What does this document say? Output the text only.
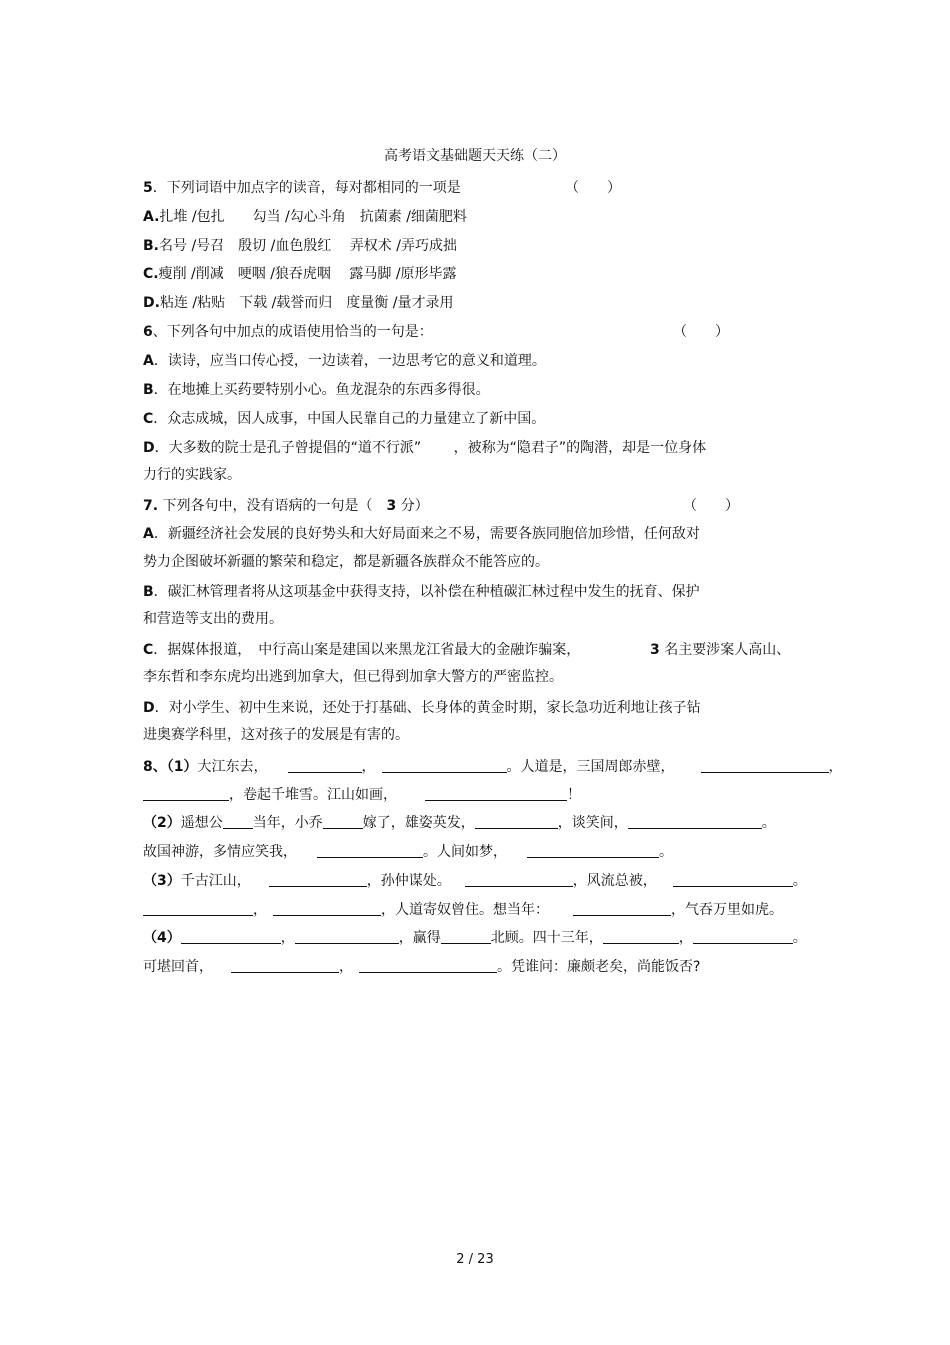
高考语文基础题天天练（二）
5．下列词语中加点字的读音，每对都相同的一项是	（　　）
A.扎堆 /包扎　　勾当 /勾心斗角　抗菌素 /细菌肥料
B.名号 /号召　殷切 /血色殷红　 弄权术 /弄巧成拙
C.瘦削 /削减　哽咽 /狼吞虎咽　 露马脚 /原形毕露
D.粘连 /粘贴　下载 /载誉而归　度量衡 /量才录用
6、下列各句中加点的成语使用恰当的一句是：	（　　）
A．读诗，应当口传心授，一边读着，一边思考它的意义和道理。
B．在地摊上买药要特别小心。鱼龙混杂的东西多得很。
C．众志成城，因人成事，中国人民靠自己的力量建立了新中国。
D．大多数的院士是孔子曾提倡的“道不行派”　　 ，被称为“隐君子”的陶潜，却是一位身体
力行的实践家。
7. 下列各句中，没有语病的一句是（　3 分）	（　　）
A．新疆经济社会发展的良好势头和大好局面来之不易，需要各族同胞倍加珍惜，任何敌对
势力企图破坏新疆的繁荣和稳定，都是新疆各族群众不能答应的。
B．碳汇林管理者将从这项基金中获得支持，以补偿在种植碳汇林过程中发生的抚育、保护
和营造等支出的费用。
C．据媒体报道，　中行高山案是建国以来黑龙江省最大的金融诈骗案，	3 名主要涉案人高山、
李东哲和李东虎均出逃到加拿大，但已得到加拿大警方的严密监控。
D．对小学生、初中生来说，还处于打基础、长身体的黄金时期，家长急功近利地让孩子钻
进奥赛学科里，这对孩子的发展是有害的。
8、（1）大江东去，	，	。人道是，三国周郎赤壁，	，
，卷起千堆雪。江山如画，	！
（2）遥想公 当年，小乔	嫁了，雄姿英发，	，谈笑间，	。
故国神游，多情应笑我，	。人间如梦，	。
（3）千古江山，	，孙仲谋处。	，风流总被，	。
，	，人道寄奴曾住。想当年：	，气吞万里如虎。
（4）	，	，赢得	北顾。四十三年，	，	。
可堪回首，	，	。凭谁问：廉颇老矣，尚能饭否?
2 / 23
